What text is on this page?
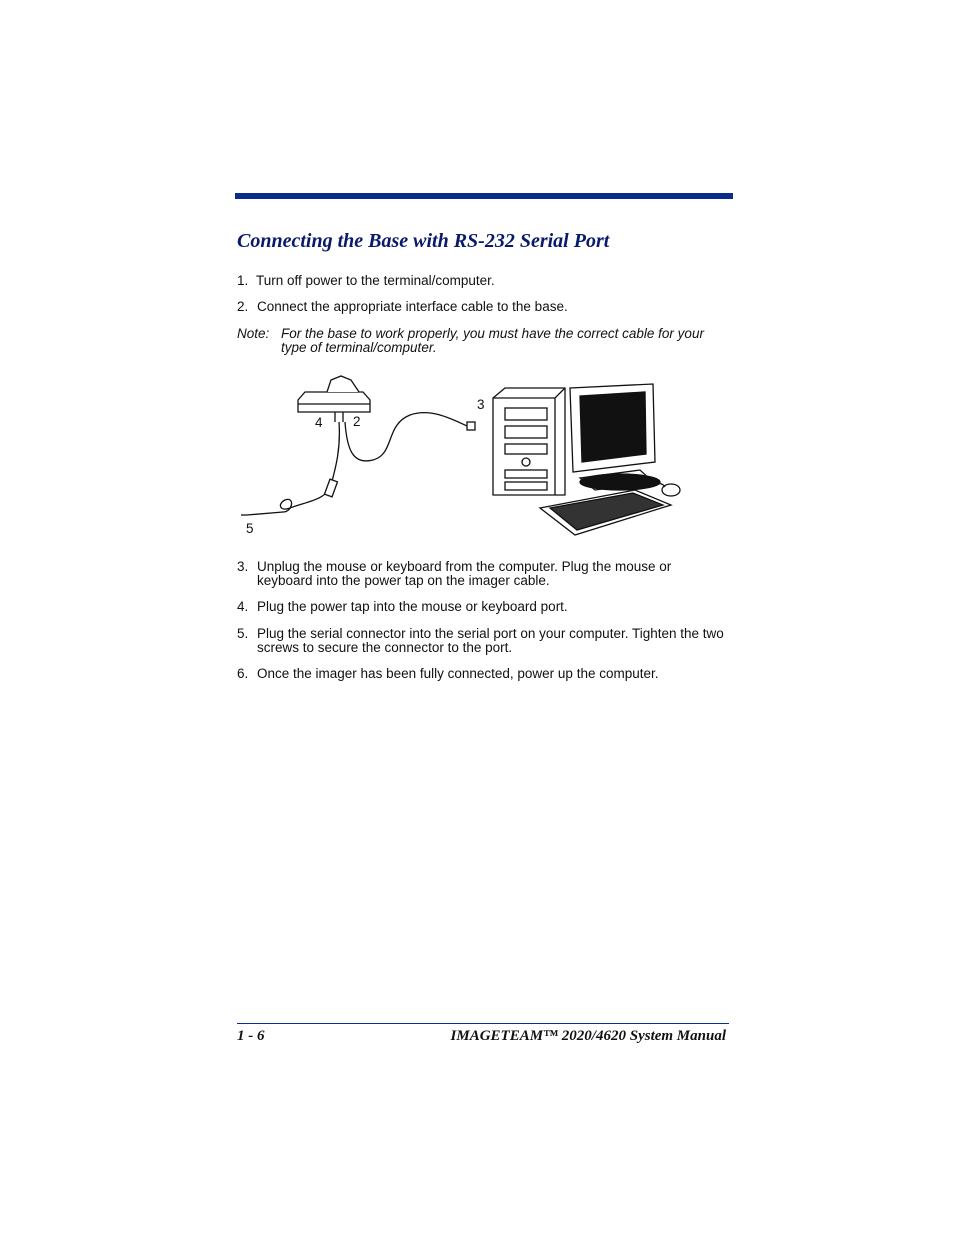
Connecting the Base with RS-232 Serial Port
1. Turn off power to the terminal/computer.
2. Connect the appropriate interface cable to the base.
Note: For the base to work properly, you must have the correct cable for your type of terminal/computer.
3
4 2
5
3. Unplug the mouse or keyboard from the computer. Plug the mouse or keyboard into the power tap on the imager cable.
4. Plug the power tap into the mouse or keyboard port.
5. Plug the serial connector into the serial port on your computer. Tighten the two screws to secure the connector to the port.
6. Once the imager has been fully connected, power up the computer.
1 - 6	IMAGETEAM™ 2020/4620 System Manual
